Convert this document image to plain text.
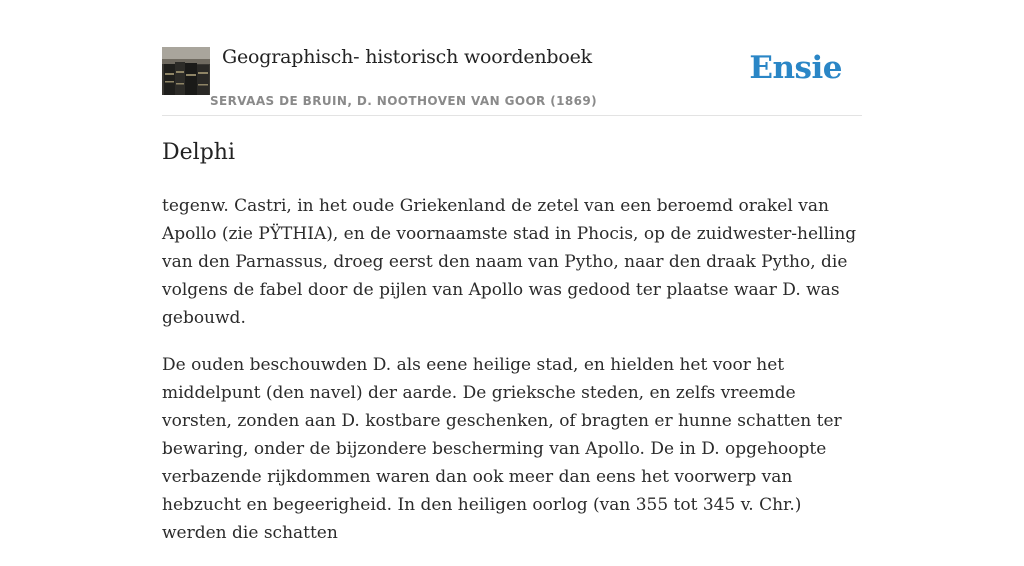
Geographisch- historisch woordenboek
SERVAAS DE BRUIN, D. NOOTHOVEN VAN GOOR (1869)
Ensie
Delphi

tegenw. Castri, in het oude Griekenland de zetel van een beroemd orakel van Apollo (zie PŸTHIA), en de voornaamste stad in Phocis, op de zuidwester-helling van den Parnassus, droeg eerst den naam van Pytho, naar den draak Pytho, die volgens de fabel door de pijlen van Apollo was gedood ter plaatse waar D. was gebouwd.

De ouden beschouwden D. als eene heilige stad, en hielden het voor het middelpunt (den navel) der aarde. De grieksche steden, en zelfs vreemde vorsten, zonden aan D. kostbare geschenken, of bragten er hunne schatten ter bewaring, onder de bijzondere bescherming van Apollo. De in D. opgehoopte verbazende rijkdommen waren dan ook meer dan eens het voorwerp van hebzucht en begeerigheid. In den heiligen oorlog (van 355 tot 345 v. Chr.) werden die schatten
